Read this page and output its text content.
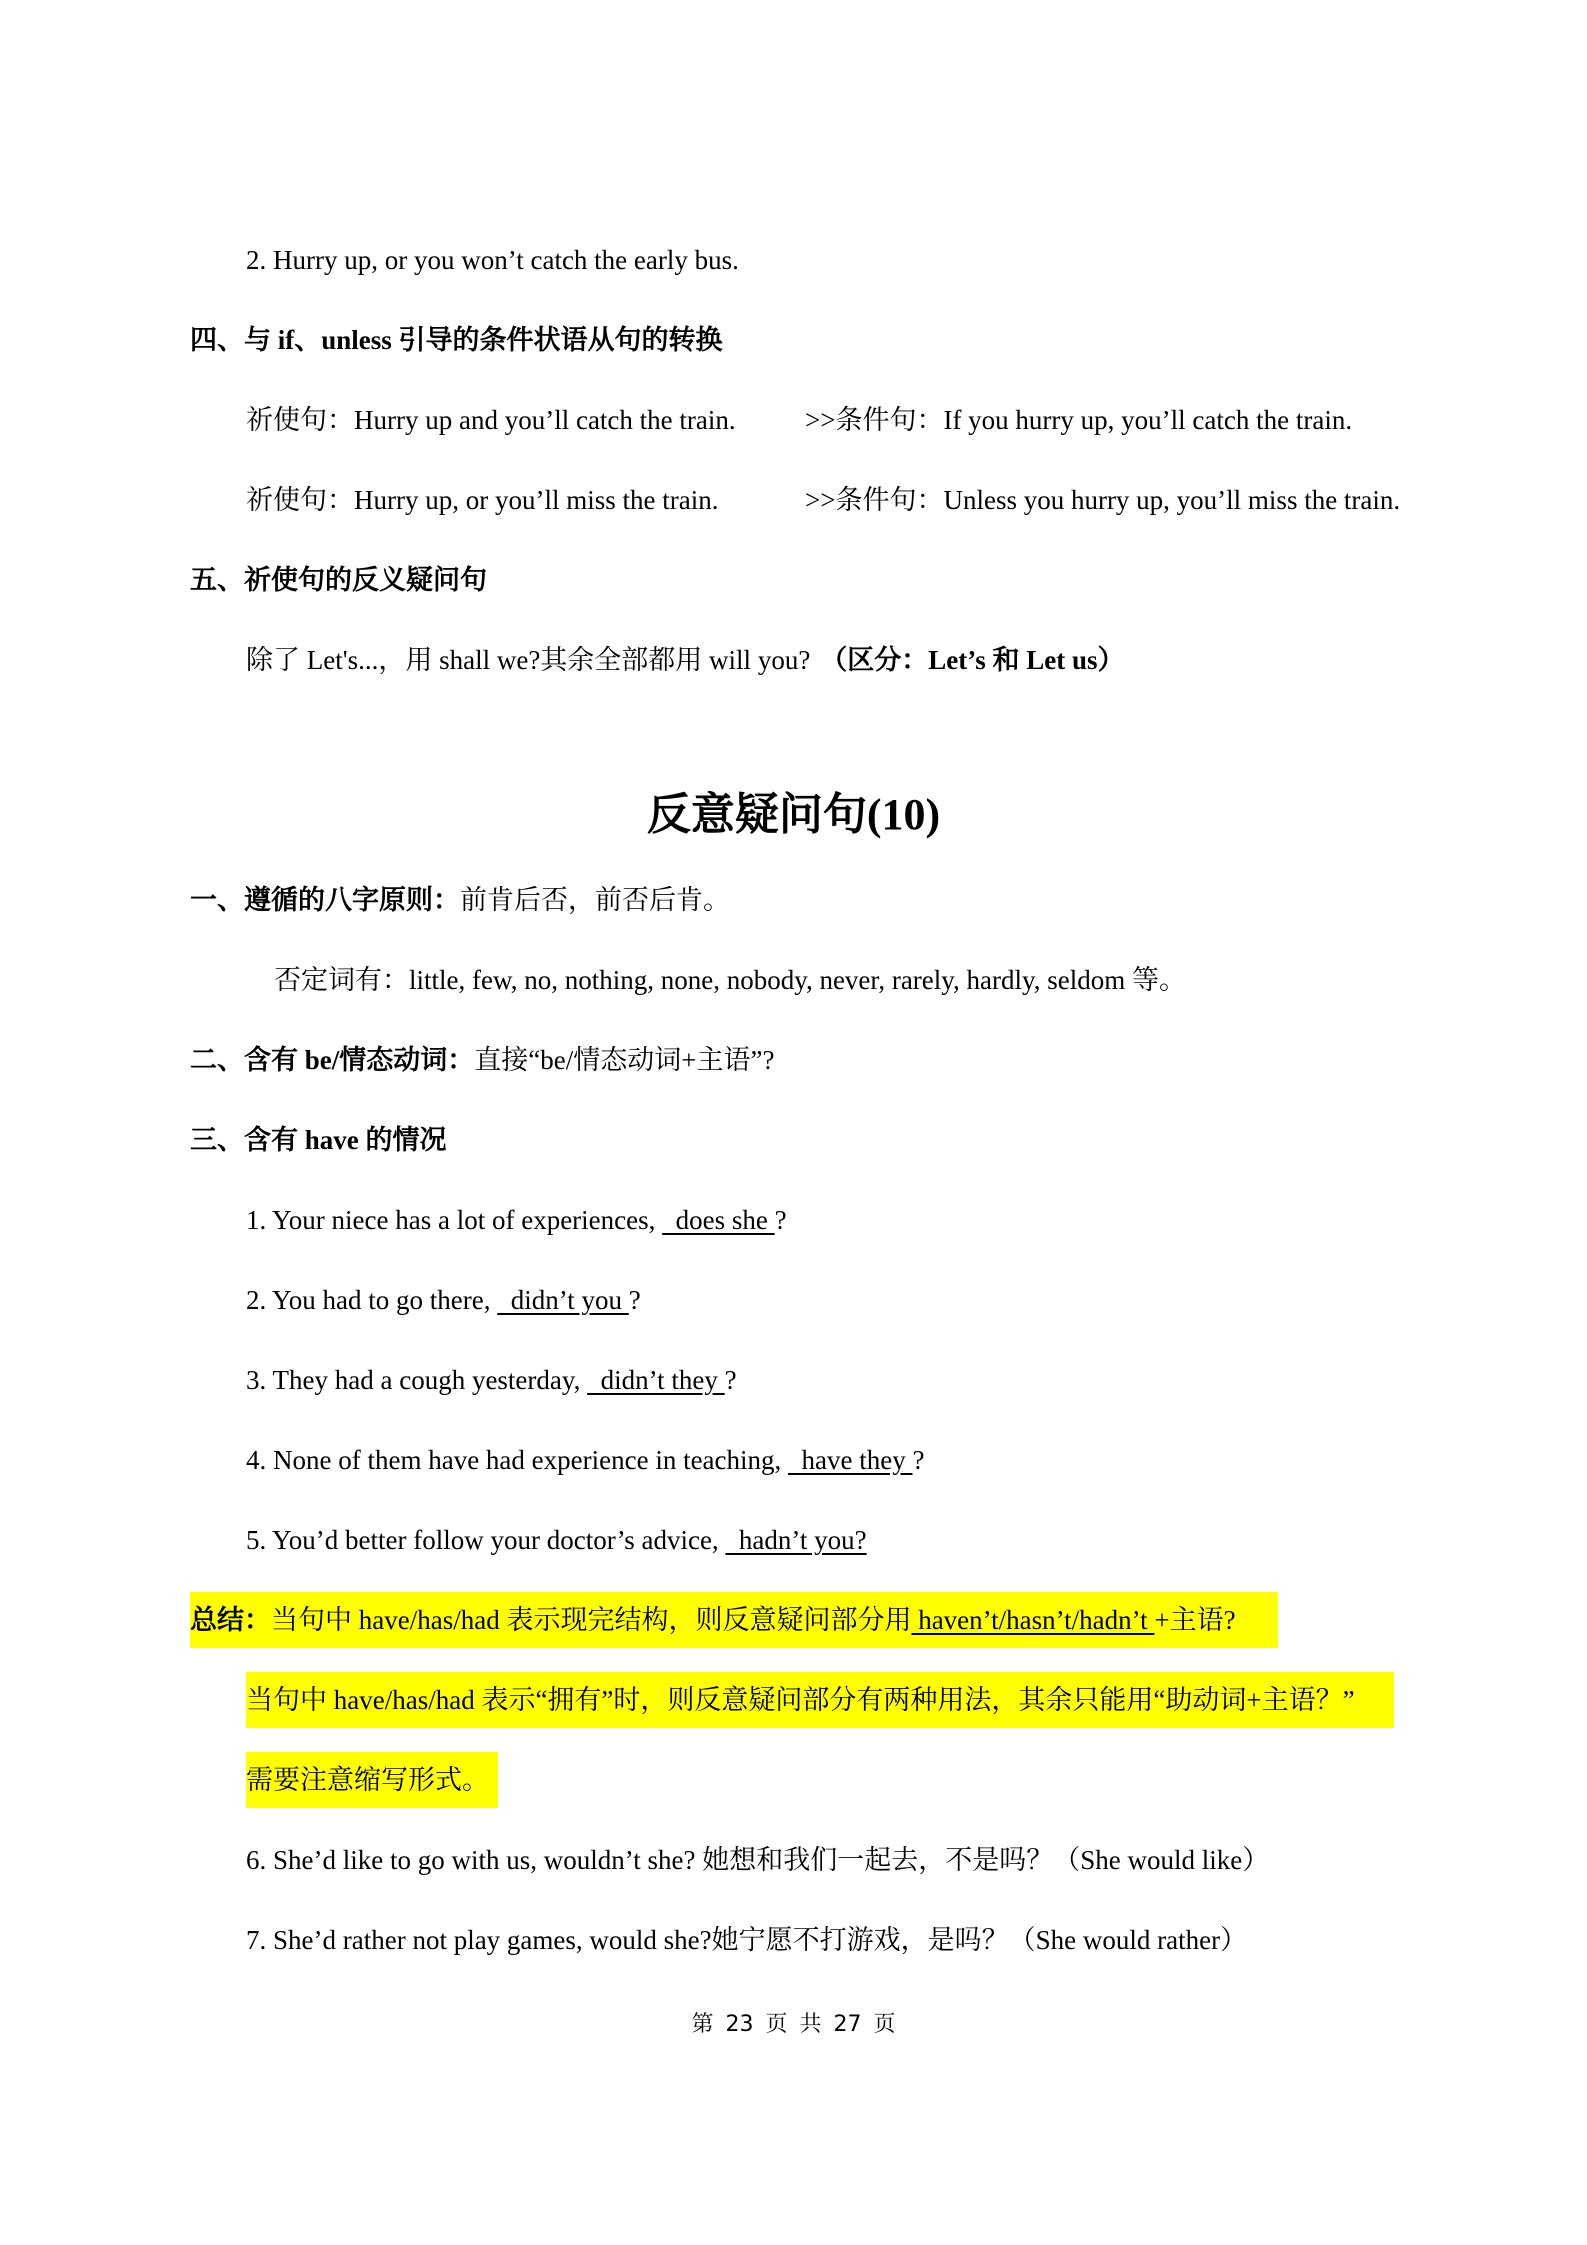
2. Hurry up, or you won’t catch the early bus.
四、与 if、unless 引导的条件状语从句的转换
祈使句：Hurry up and you’ll catch the train.	>>条件句：If you hurry up, you’ll catch the train.
祈使句：Hurry up, or you’ll miss the train.	>>条件句：Unless you hurry up, you’ll miss the train.
五、祈使句的反义疑问句
除了 Let's...，用 shall we?其余全部都用 will you? （区分：Let’s 和 Let us）
反意疑问句(10)
一、遵循的八字原则：前肯后否，前否后肯。
否定词有：little, few, no, nothing, none, nobody, never, rarely, hardly, seldom 等。
二、含有 be/情态动词：直接“be/情态动词+主语”?
三、含有 have 的情况
1. Your niece has a lot of experiences,   does she ?
2. You had to go there,   didn’t you ?
3. They had a cough yesterday,   didn’t they ?
4. None of them have had experience in teaching,   have they ?
5. You’d better follow your doctor’s advice,   hadn’t you?
总结：当句中 have/has/had 表示现完结构，则反意疑问部分用 haven’t/hasn’t/hadn’t +主语?
当句中 have/has/had 表示“拥有”时，则反意疑问部分有两种用法，其余只能用“助动词+主语？”
需要注意缩写形式。
6. She’d like to go with us, wouldn’t she? 她想和我们一起去，不是吗？（She would like）
7. She’d rather not play games, would she?她宁愿不打游戏，是吗？（She would rather）
第 23 页 共 27 页
